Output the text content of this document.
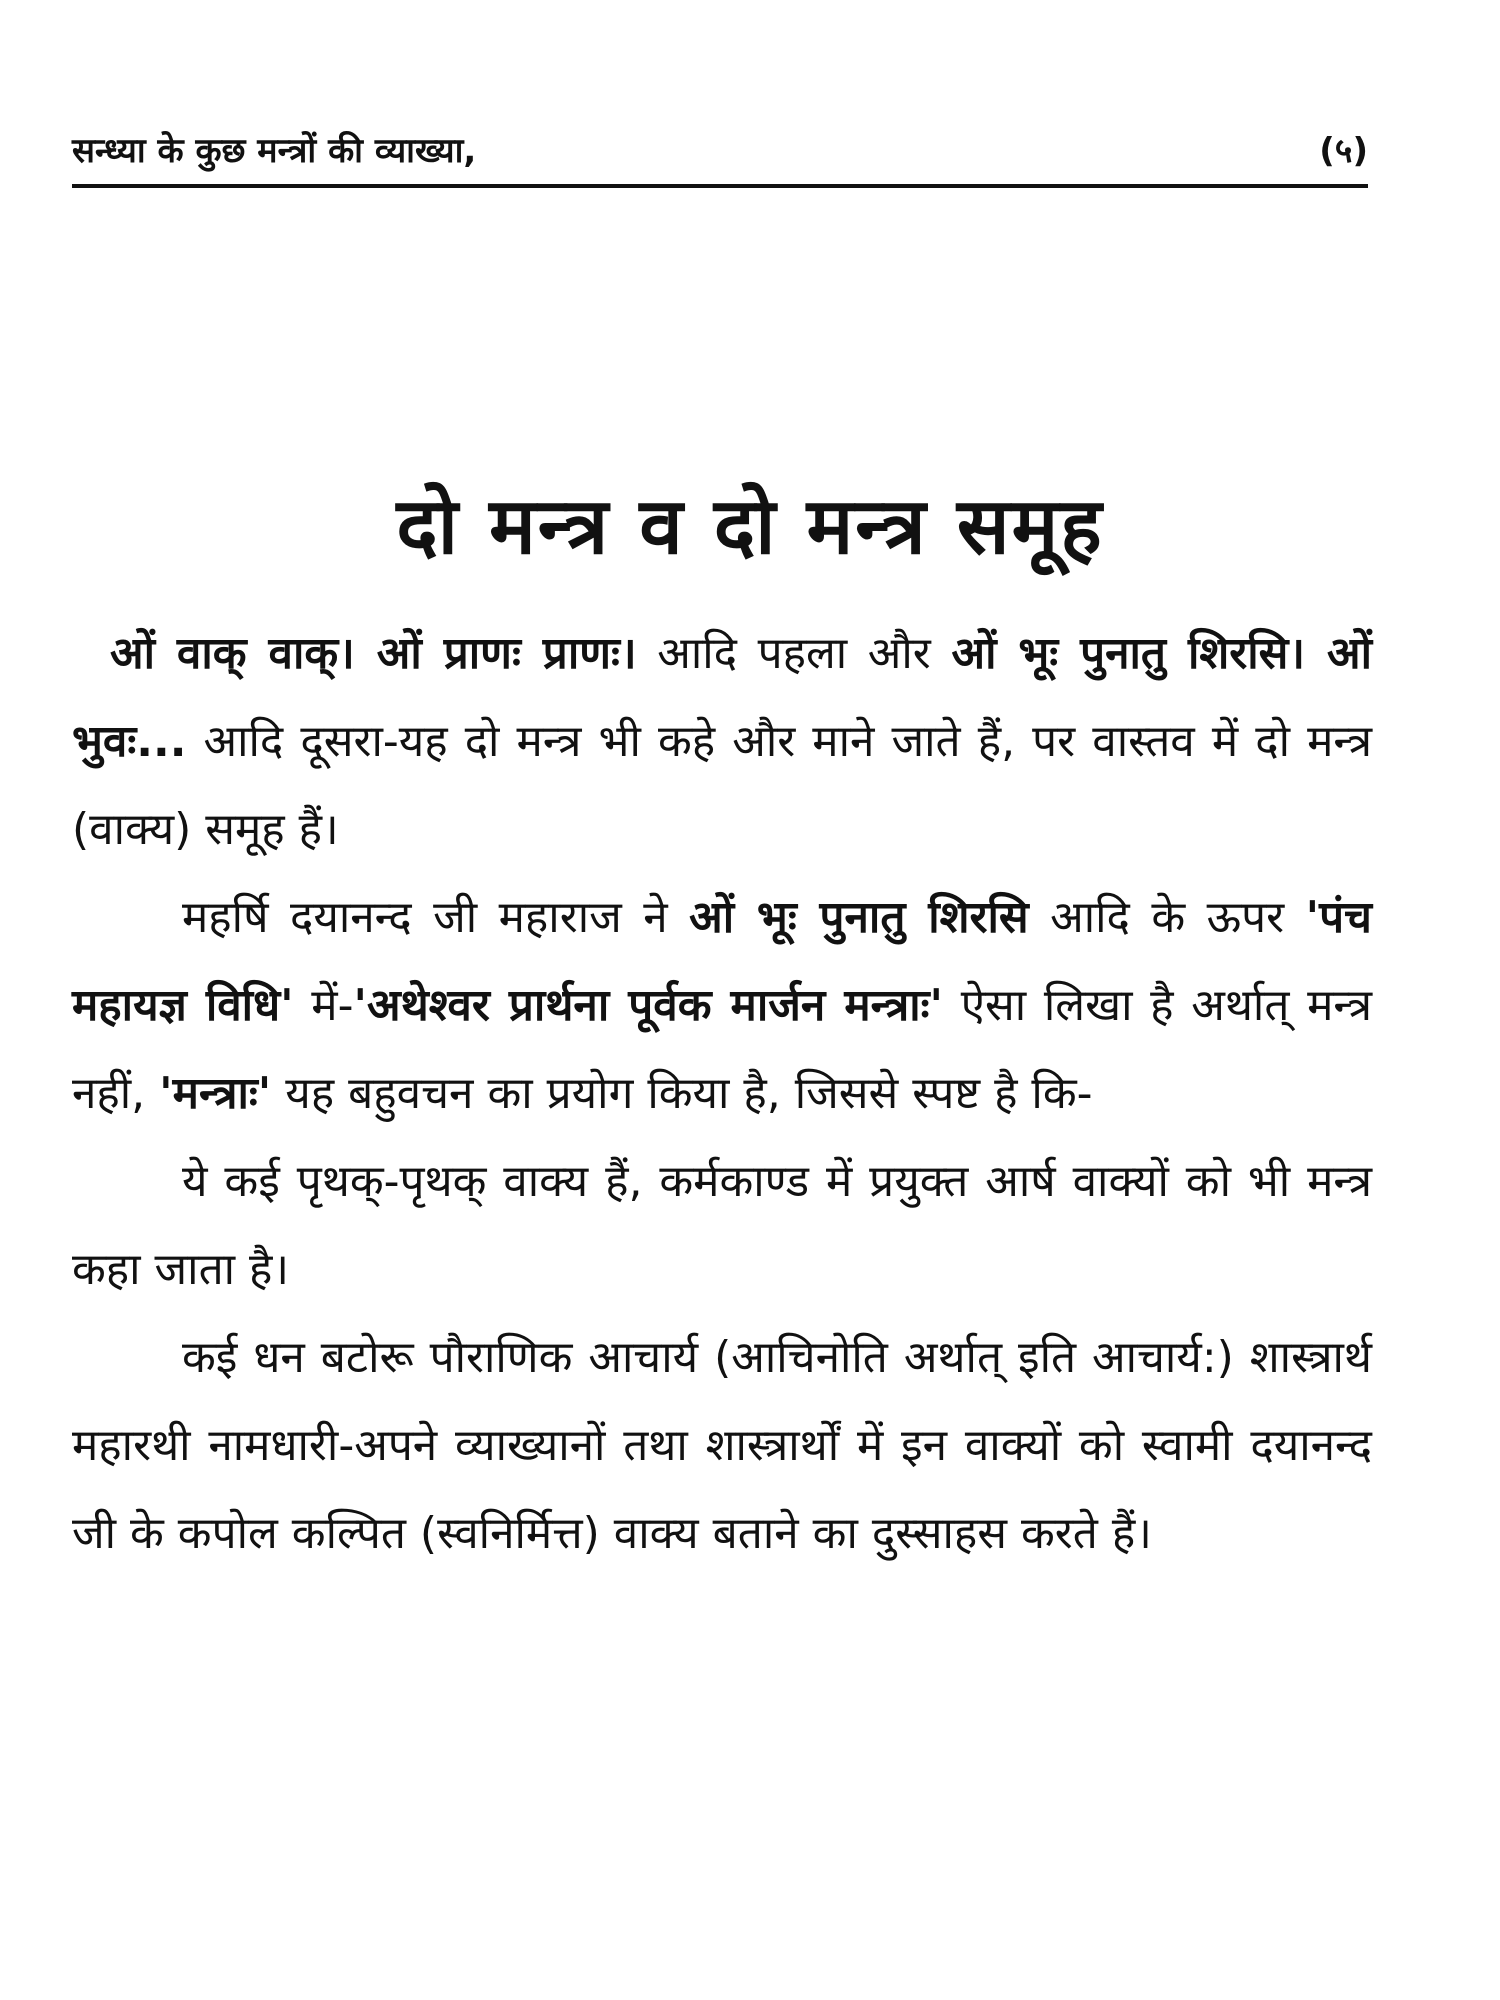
सन्ध्या के कुछ मन्त्रों की व्याख्या,	(५)
दो मन्त्र व दो मन्त्र समूह

ओं वाक् वाक्। ओं प्राणः प्राणः। आदि पहला और ओं भूः पुनातु शिरसि। ओं भुवः... आदि दूसरा-यह दो मन्त्र भी कहे और माने जाते हैं, पर वास्तव में दो मन्त्र (वाक्य) समूह हैं।

महर्षि दयानन्द जी महाराज ने ओं भूः पुनातु शिरसि आदि के ऊपर 'पंच महायज्ञ विधि' में-'अथेश्वर प्रार्थना पूर्वक मार्जन मन्त्राः' ऐसा लिखा है अर्थात् मन्त्र नहीं, 'मन्त्राः' यह बहुवचन का प्रयोग किया है, जिससे स्पष्ट है कि-

ये कई पृथक्-पृथक् वाक्य हैं, कर्मकाण्ड में प्रयुक्त आर्ष वाक्यों को भी मन्त्र कहा जाता है।

कई धन बटोरू पौराणिक आचार्य (आचिनोति अर्थात् इति आचार्य:) शास्त्रार्थ महारथी नामधारी-अपने व्याख्यानों तथा शास्त्रार्थों में इन वाक्यों को स्वामी दयानन्द जी के कपोल कल्पित (स्वनिर्मित्त) वाक्य बताने का दुस्साहस करते हैं।
